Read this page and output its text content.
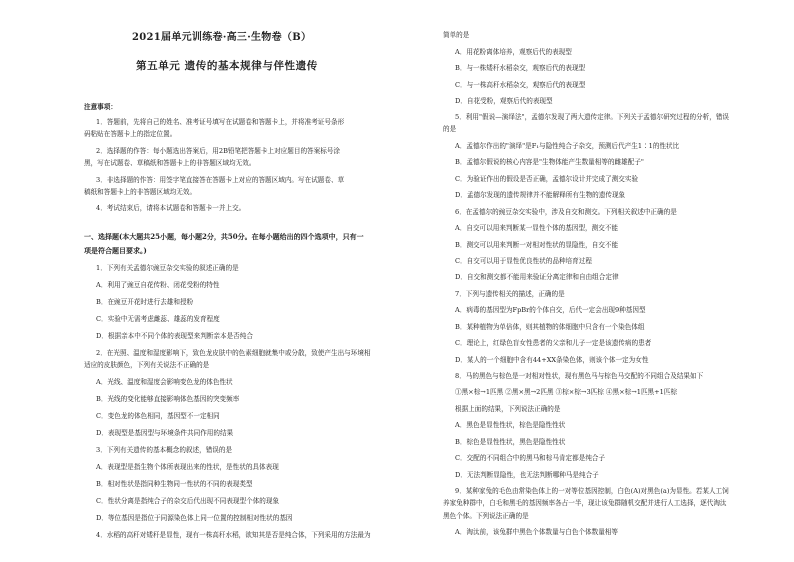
2021届单元训练卷·高三·生物卷（B）
第五单元 遗传的基本规律与伴性遗传
注意事项：
1．答题前，先将自己的姓名、准考证号填写在试题卷和答题卡上，并将准考证号条形
码粘贴在答题卡上的指定位置。
2．选择题的作答：每小题选出答案后，用2B铅笔把答题卡上对应题目的答案标号涂
黑，写在试题卷、草稿纸和答题卡上的非答题区域均无效。
3．非选择题的作答：用签字笔直接答在答题卡上对应的答题区域内。写在试题卷、草
稿纸和答题卡上的非答题区域均无效。
4．考试结束后，请将本试题卷和答题卡一并上交。
一、选择题(本大题共25小题，每小题2分，共50分。在每小题给出的四个选项中，只有一
项是符合题目要求。)
1．下列有关孟德尔豌豆杂交实验的叙述正确的是
A．利用了豌豆自花传粉、闭花受粉的特性
B．在豌豆开花时进行去雄和授粉
C．实验中无需考虑雌蕊、雄蕊的发育程度
D．根据亲本中不同个体的表现型来判断亲本是否纯合
2．在光照、温度和湿度影响下，致色龙皮肤中的色素细胞就集中或分散，致使产生出与环境相
适应的皮肤颜色，下列有关说法不正确的是
A．光线、温度和湿度会影响变色龙的体色性状
B．光线的变化能够直接影响体色基因的突变频率
C．变色龙的体色相同，基因型不一定相同
D．表现型是基因型与环境条件共同作用的结果
3．下列有关遗传的基本概念的叙述，错误的是
A．表现型是指生物个体所表现出来的性状，是性状的具体表现
B．相对性状是指同种生物同一性状的不同的表现类型
C．性状分离是指纯合子的杂交后代出现不同表现型个体的现象
D．等位基因是指位于同源染色体上同一位置的控制相对性状的基因
4．水稻的高秆对矮秆是显性，现有一株高秆水稻，欲知其是否是纯合体，下列采用的方法最为
简单的是
A．用花粉离体培养，观察后代的表现型
B．与一株矮秆水稻杂交，观察后代的表现型
C．与一株高秆水稻杂交，观察后代的表现型
D．自花受粉，观察后代的表现型
5．利用"假说—演绎法"，孟德尔发现了两大遗传定律。下列关于孟德尔研究过程的分析，错误
的是
A．孟德尔作出的"演绎"是F₁与隐性纯合子杂交，预测后代产生1∶1的性状比
B．孟德尔假说的核心内容是"生物体能产生数量相等的雌雄配子"
C．为验证作出的假设是否正确，孟德尔设计并完成了测交实验
D．孟德尔发现的遗传规律并不能解释所有生物的遗传现象
6．在孟德尔的豌豆杂交实验中，涉及自交和测交。下列相关叙述中正确的是
A．自交可以用来判断某一显性个体的基因型，测交不能
B．测交可以用来判断一对相对性状的显隐性，自交不能
C．自交可以用于显性优良性状的品种培育过程
D．自交和测交都不能用来验证分离定律和自由组合定律
7．下列与遗传相关的描述，正确的是
A．病毒的基因型为FpBr的个体自交，后代一定会出现9种基因型
B．某种植物为单倍体，则其植物的体细胞中只含有一个染色体组
C．理论上，红绿色盲女性患者的父亲和儿子一定是该遗传病的患者
D．某人的一个细胞中含有44+XX条染色体，则该个体一定为女性
8．马的黑色与棕色是一对相对性状，现有黑色马与棕色马交配的不同组合及结果如下
①黑×棕→1匹黑 ②黑×黑→2匹黑 ③棕×棕→3匹棕 ④黑×棕→1匹黑+1匹棕
根据上面的结果，下列说法正确的是
A．黑色是显性性状，棕色是隐性性状
B．棕色是显性性状，黑色是隐性性状
C．交配的不同组合中的黑马和棕马肯定都是纯合子
D．无法判断显隐性，也无法判断哪种马是纯合子
9．某种家兔的毛色由常染色体上的一对等位基因控制，白色(A)对黑色(a)为显性。若某人工饲
养家兔种群中，白毛和黑毛的基因频率各占一半，现让该兔群随机交配并进行人工选择，逐代淘汰
黑色个体。下列说法正确的是
A．淘汰前，该兔群中黑色个体数量与白色个体数量相等
